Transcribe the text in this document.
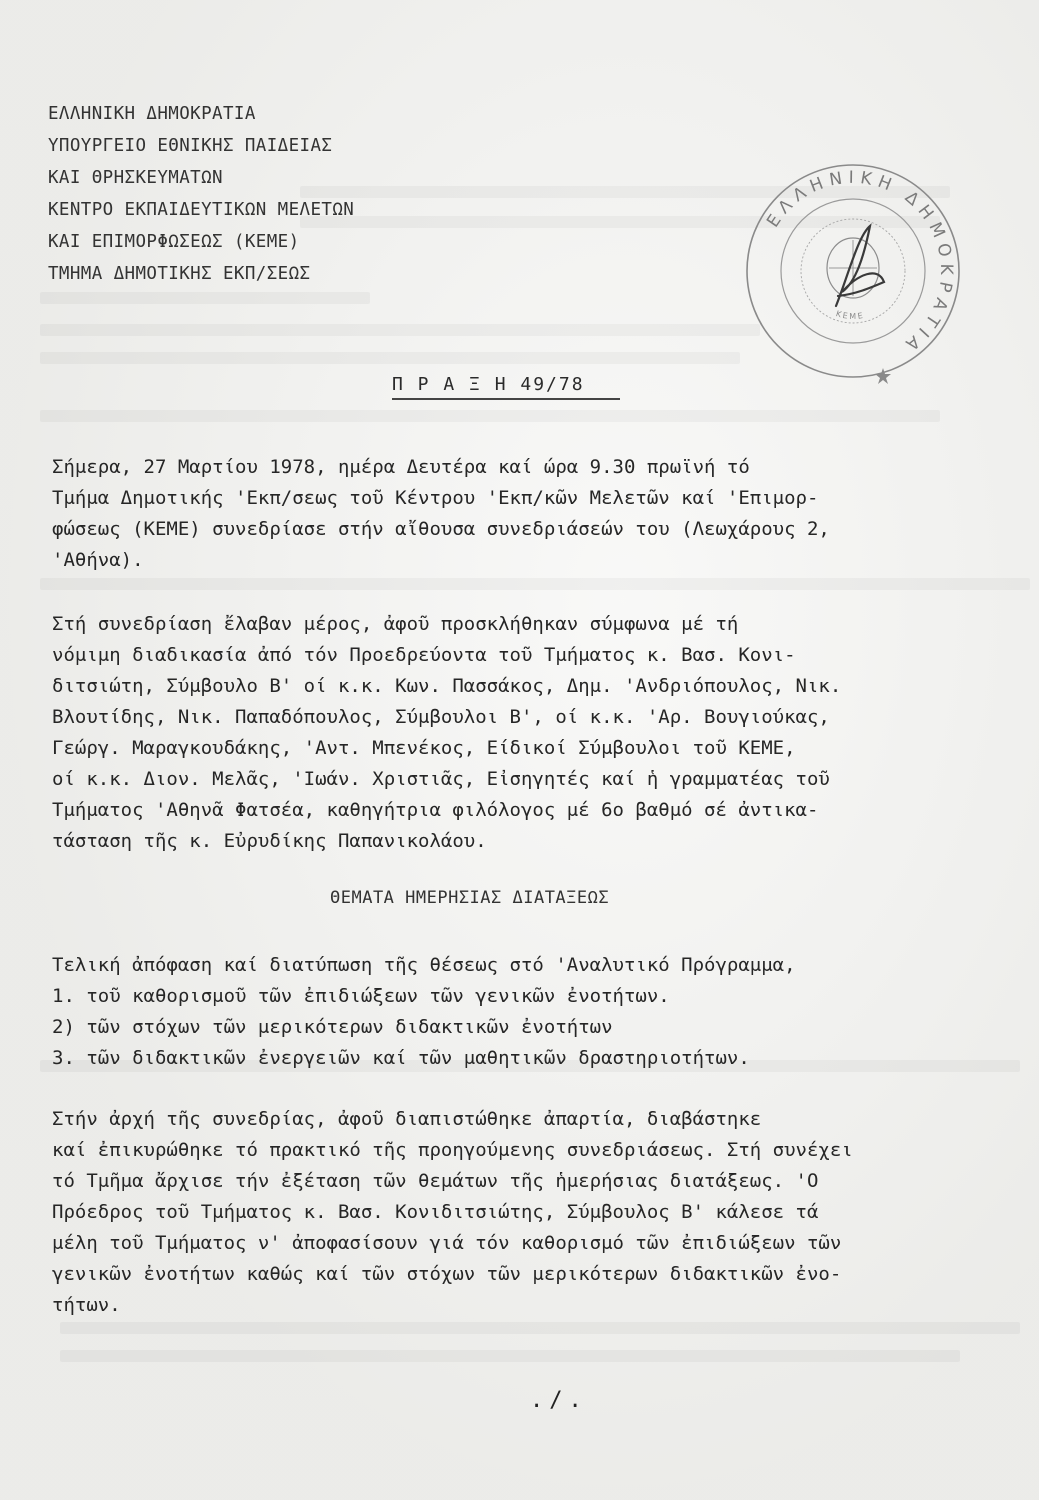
ΕΛΛΗΝΙΚΗ ΔΗΜΟΚΡΑΤΙΑ
ΥΠΟΥΡΓΕΙΟ ΕΘΝΙΚΗΣ ΠΑΙΔΕΙΑΣ
ΚΑΙ ΘΡΗΣΚΕΥΜΑΤΩΝ
ΚΕΝΤΡΟ ΕΚΠΑΙΔΕΥΤΙΚΩΝ ΜΕΛΕΤΩΝ
ΚΑΙ ΕΠΙΜΟΡΦΩΣΕΩΣ (ΚΕΜΕ)
ΤΜΗΜΑ ΔΗΜΟΤΙΚΗΣ ΕΚΠ/ΣΕΩΣ
ΕΛΛΗΝΙΚΗ ΔΗΜΟΚΡΑΤΙΑ
ΚΕΜΕ
Π Ρ Α Ξ Η 49/78
Σήμερα, 27 Μαρτίου 1978, ημέρα Δευτέρα καί ώρα 9.30 πρωϊνή τό
Τμήμα Δημοτικής 'Εκπ/σεως τοῦ Κέντρου 'Εκπ/κῶν Μελετῶν καί 'Επιμορ-
φώσεως (ΚΕΜΕ) συνεδρίασε στήν αἴθουσα συνεδριάσεών του (Λεωχάρους 2,
'Αθήνα).
Στή συνεδρίαση ἔλαβαν μέρος, ἀφοῦ προσκλήθηκαν σύμφωνα μέ τή
νόμιμη διαδικασία ἀπό τόν Προεδρεύοντα τοῦ Τμήματος κ. Βασ. Κονι-
διτσιώτη, Σύμβουλο Β' οί κ.κ. Κων. Πασσάκος, Δημ. 'Ανδριόπουλος, Νικ.
Βλουτίδης, Νικ. Παπαδόπουλος, Σύμβουλοι Β', οί κ.κ. 'Αρ. Βουγιούκας,
Γεώργ. Μαραγκουδάκης, 'Αντ. Μπενέκος, Είδικοί Σύμβουλοι τοῦ ΚΕΜΕ,
οί κ.κ. Διον. Μελᾶς, 'Ιωάν. Χριστιᾶς, Εἰσηγητές καί ἡ γραμματέας τοῦ
Τμήματος 'Αθηνᾶ Φατσέα, καθηγήτρια φιλόλογος μέ 6ο βαθμό σέ ἀντικα-
τάσταση τῆς κ. Εὐρυδίκης Παπανικολάου.
ΘΕΜΑΤΑ ΗΜΕΡΗΣΙΑΣ ΔΙΑΤΑΞΕΩΣ
Τελική ἀπόφαση καί διατύπωση τῆς θέσεως στό 'Αναλυτικό Πρόγραμμα,
1. τοῦ καθορισμοῦ τῶν ἐπιδιώξεων τῶν γενικῶν ἐνοτήτων.
2) τῶν στόχων τῶν μερικότερων διδακτικῶν ἐνοτήτων
3. τῶν διδακτικῶν ἐνεργειῶν καί τῶν μαθητικῶν δραστηριοτήτων.
Στήν ἀρχή τῆς συνεδρίας, ἀφοῦ διαπιστώθηκε ἀπαρτία, διαβάστηκε
καί ἐπικυρώθηκε τό πρακτικό τῆς προηγούμενης συνεδριάσεως. Στή συνέχει
τό Τμῆμα ἄρχισε τήν ἐξέταση τῶν θεμάτων τῆς ἡμερήσιας διατάξεως. 'Ο
Πρόεδρος τοῦ Τμήματος κ. Βασ. Κονιδιτσιώτης, Σύμβουλος Β' κάλεσε τά
μέλη τοῦ Τμήματος ν' ἀποφασίσουν γιά τόν καθορισμό τῶν ἐπιδιώξεων τῶν
γενικῶν ἐνοτήτων καθώς καί τῶν στόχων τῶν μερικότερων διδακτικῶν ἐνο-
τήτων.
./.
